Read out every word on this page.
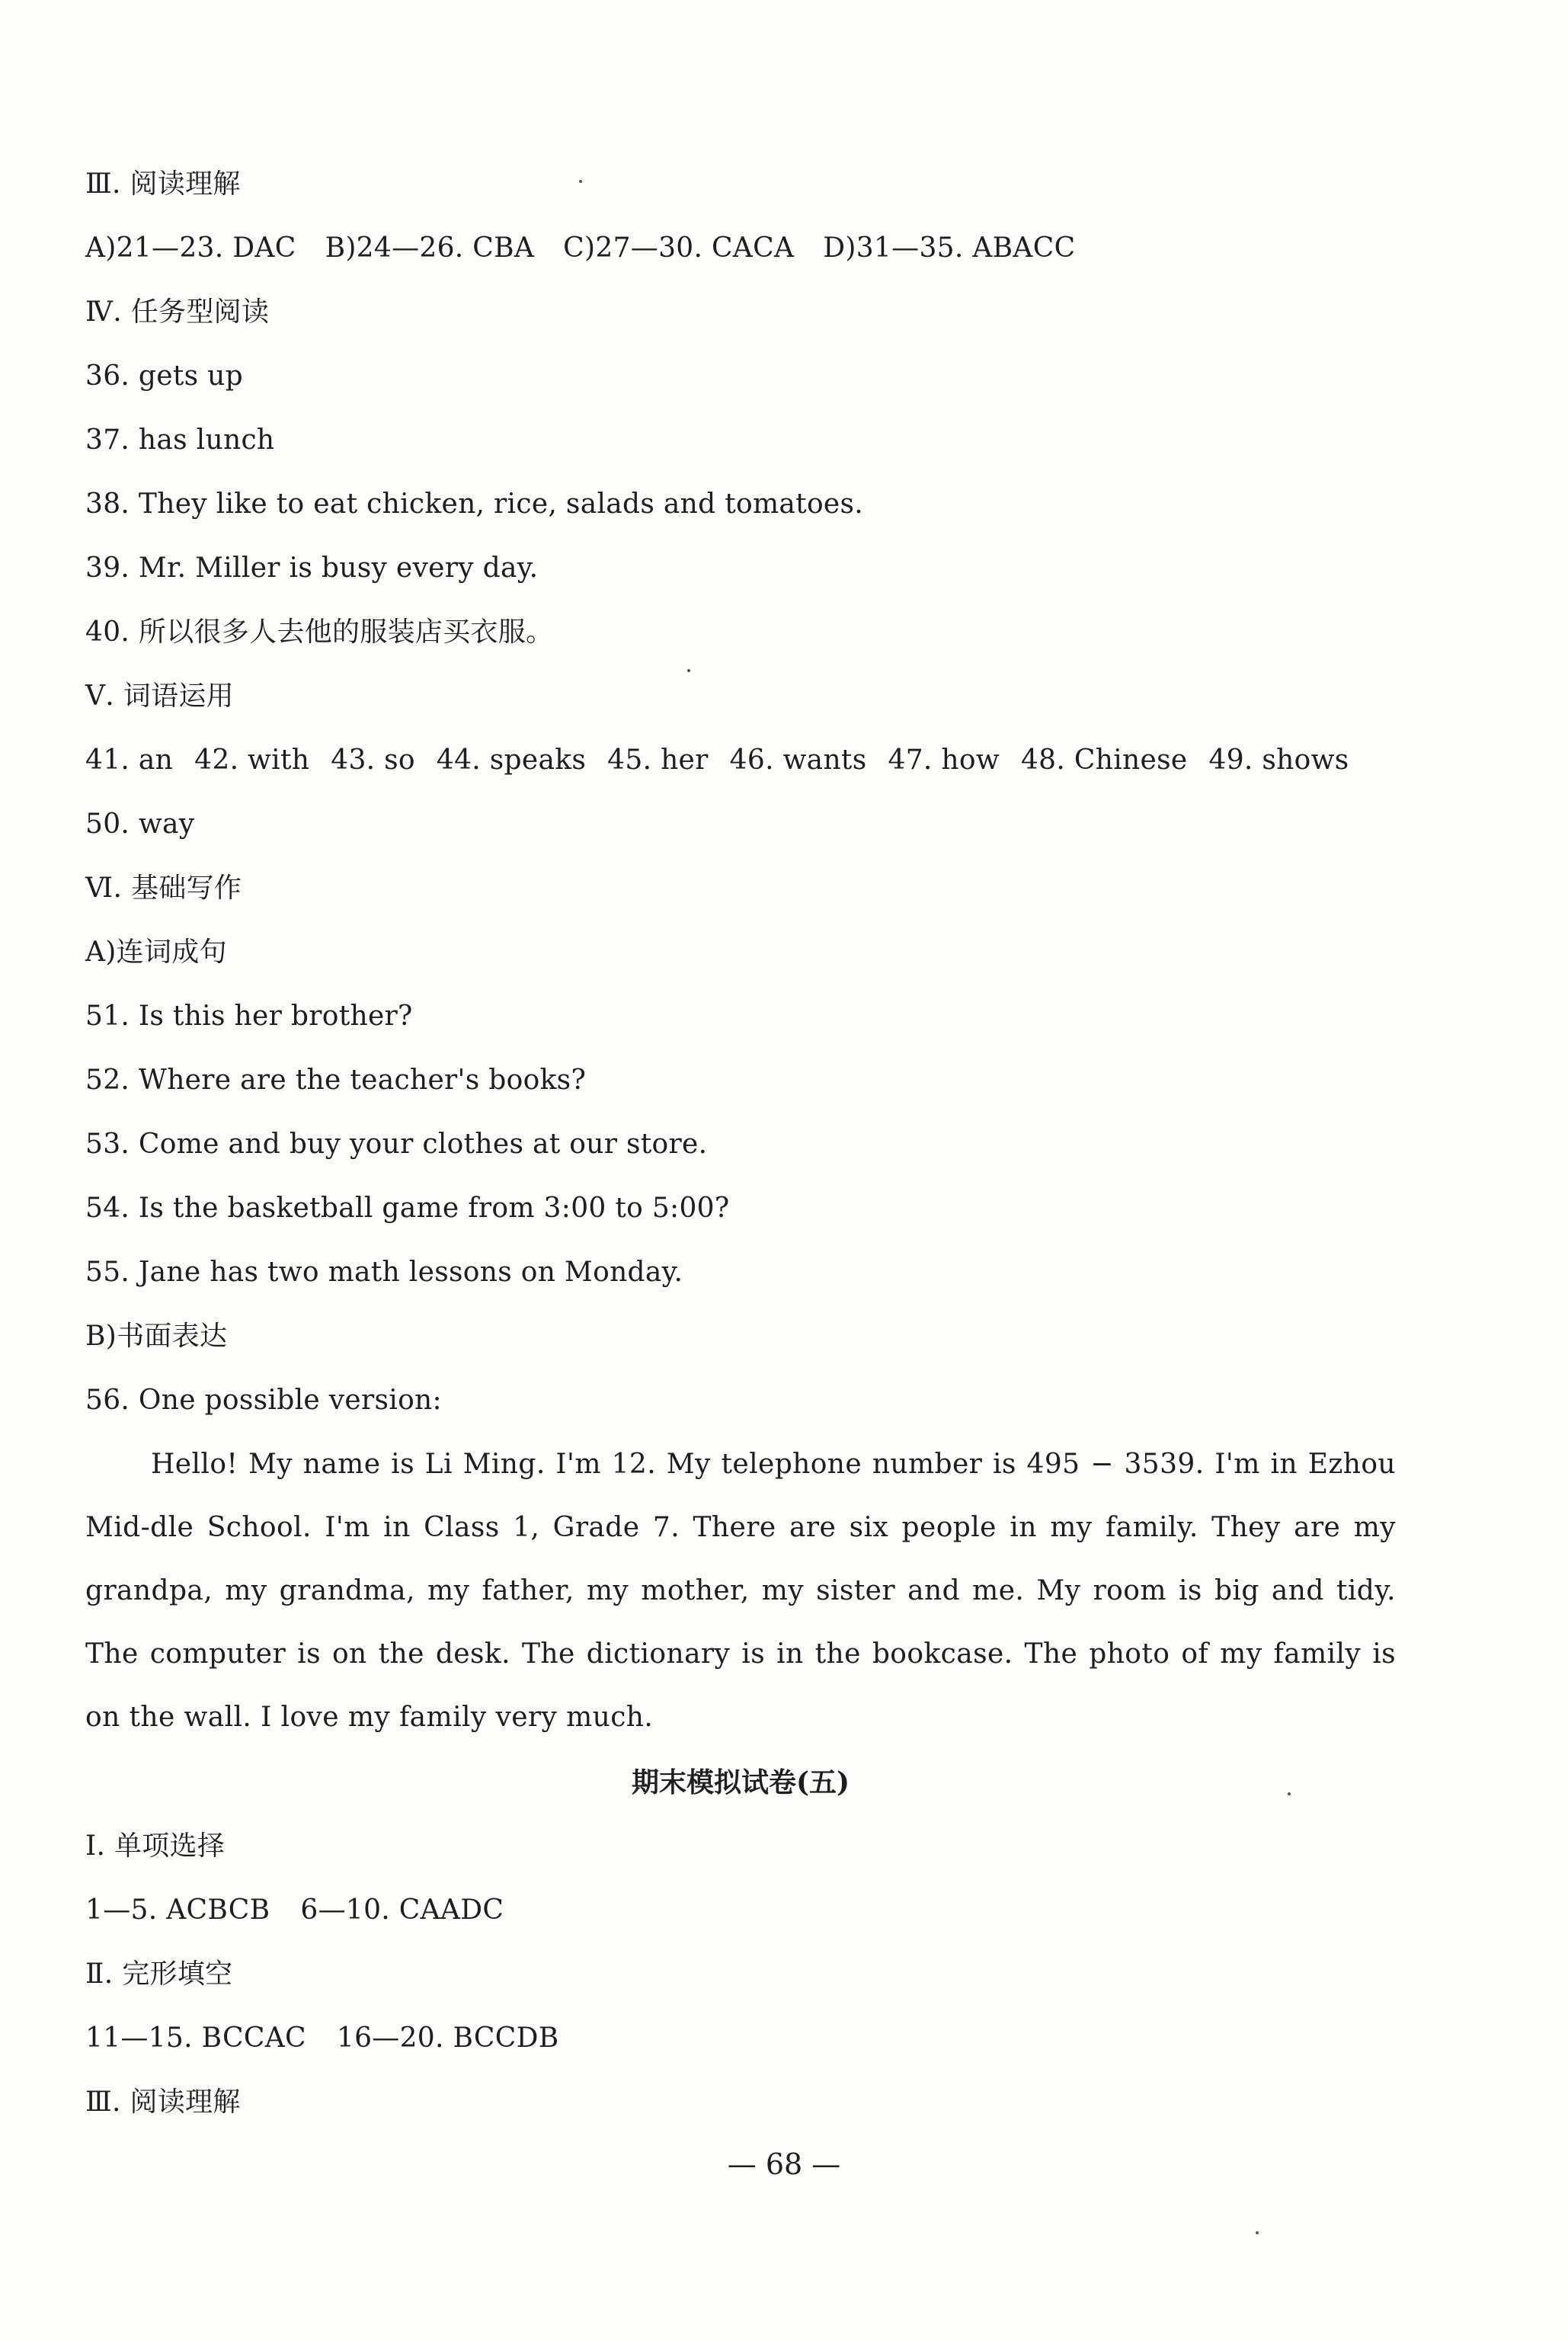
Ⅲ. 阅读理解
A)21—23. DAC B)24—26. CBA C)27—30. CACA D)31—35. ABACC
Ⅳ. 任务型阅读
36. gets up
37. has lunch
38. They like to eat chicken, rice, salads and tomatoes.
39. Mr. Miller is busy every day.
40. 所以很多人去他的服装店买衣服。
Ⅴ. 词语运用
41. an 42. with 43. so 44. speaks 45. her 46. wants 47. how 48. Chinese 49. shows
50. way
Ⅵ. 基础写作
A)连词成句
51. Is this her brother?
52. Where are the teacher's books?
53. Come and buy your clothes at our store.
54. Is the basketball game from 3:00 to 5:00?
55. Jane has two math lessons on Monday.
B)书面表达
56. One possible version:

Hello! My name is Li Ming. I'm 12. My telephone number is 495 − 3539. I'm in Ezhou Mid-dle School. I'm in Class 1, Grade 7. There are six people in my family. They are my grandpa, my grandma, my father, my mother, my sister and me. My room is big and tidy. The computer is on the desk. The dictionary is in the bookcase. The photo of my family is on the wall. I love my family very much.

期末模拟试卷(五)
Ⅰ. 单项选择
1—5. ACBCB 6—10. CAADC
Ⅱ. 完形填空
11—15. BCCAC 16—20. BCCDB
Ⅲ. 阅读理解
— 68 —
